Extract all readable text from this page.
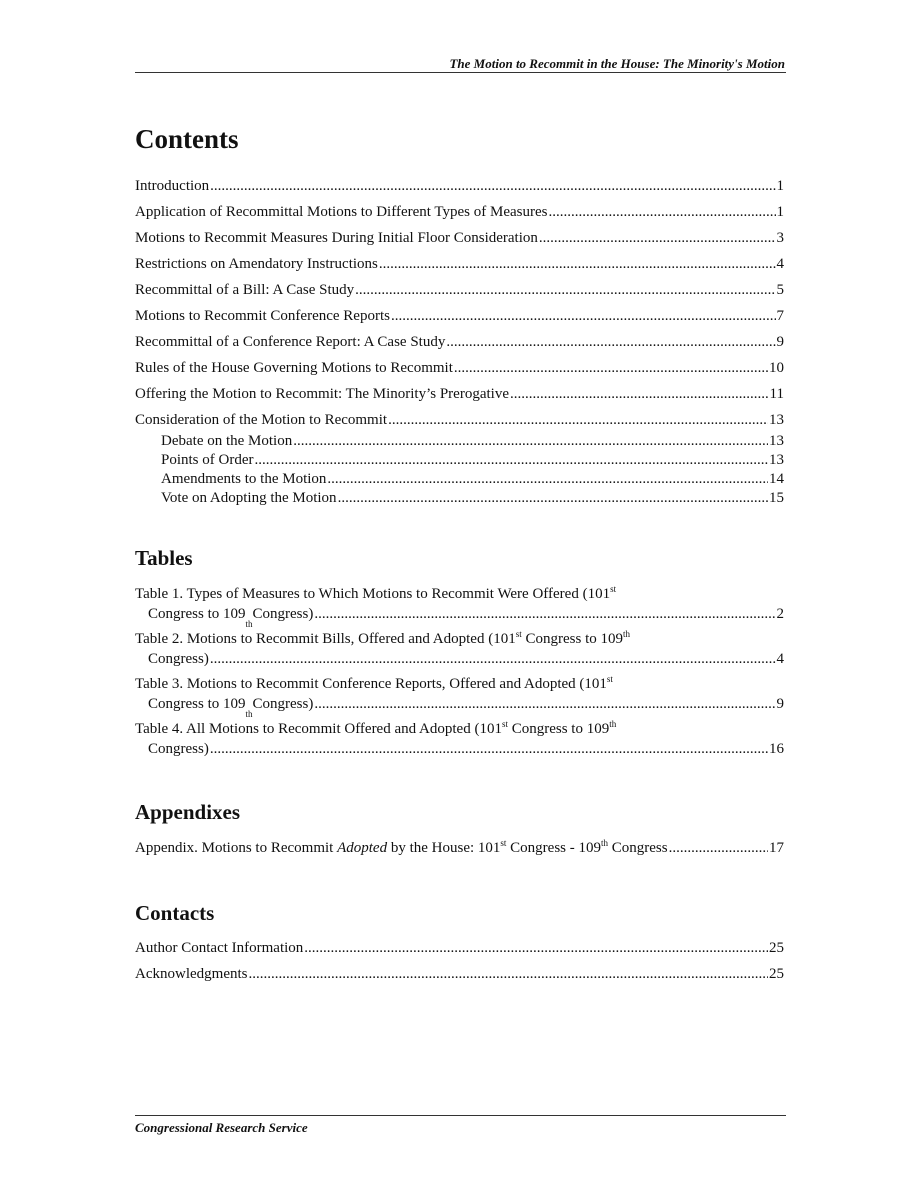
The Motion to Recommit in the House: The Minority's Motion
Contents
Introduction .....	1
Application of Recommittal Motions to Different Types of Measures .....	1
Motions to Recommit Measures During Initial Floor Consideration .....	3
Restrictions on Amendatory Instructions .....	4
Recommittal of a Bill: A Case Study .....	5
Motions to Recommit Conference Reports .....	7
Recommittal of a Conference Report: A Case Study .....	9
Rules of the House Governing Motions to Recommit .....	10
Offering the Motion to Recommit: The Minority’s Prerogative .....	11
Consideration of the Motion to Recommit .....	13
Debate on the Motion .....	13
Points of Order .....	13
Amendments to the Motion .....	14
Vote on Adopting the Motion .....	15
Tables
Table 1. Types of Measures to Which Motions to Recommit Were Offered (101st
Congress to 109
th
Congress) .....	2
Table 2. Motions to Recommit Bills, Offered and Adopted (101st Congress to 109th
Congress) .....	4
Table 3. Motions to Recommit Conference Reports, Offered and Adopted (101st
Congress to 109
th
Congress) .....	9
Table 4. All Motions to Recommit Offered and Adopted (101st Congress to 109th
Congress) .....	16
Appendixes
Appendix. Motions to Recommit Adopted by the House: 101st Congress - 109th Congress .....	17
Contacts
Author Contact Information .....	25
Acknowledgments .....	25
Congressional Research Service
